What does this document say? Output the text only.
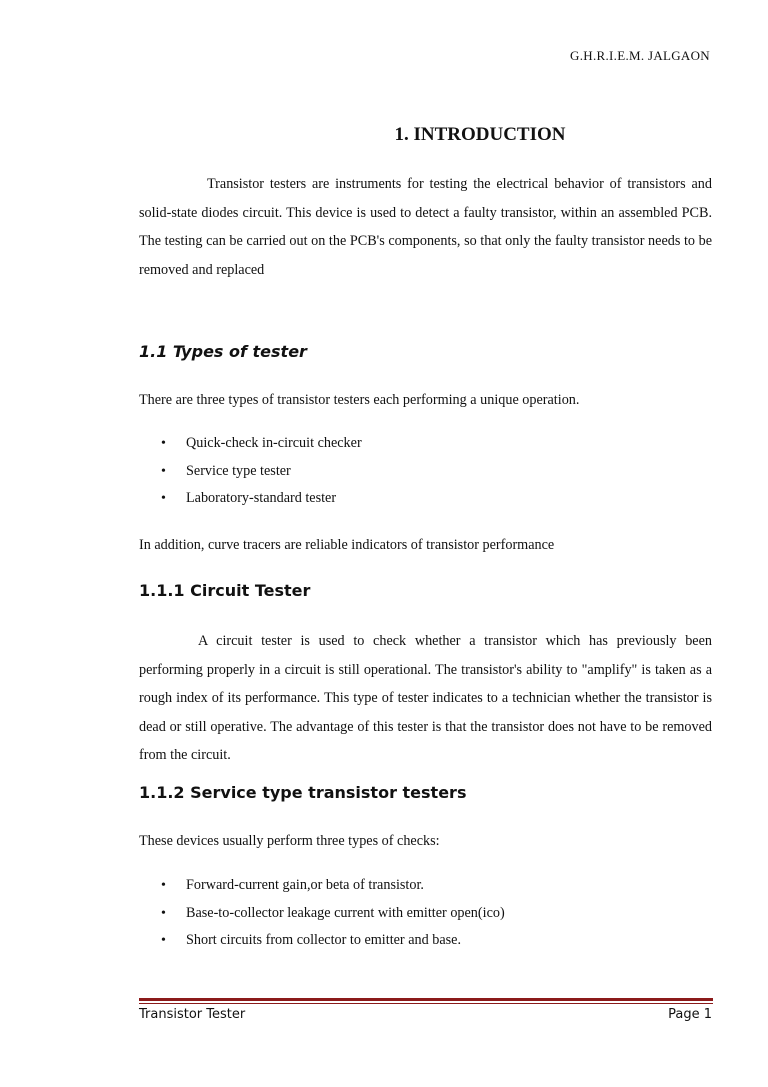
G.H.R.I.E.M. JALGAON
1. INTRODUCTION

Transistor testers are instruments for testing the electrical behavior of transistors and solid-state diodes circuit. This device is used to detect a faulty transistor, within an assembled PCB. The testing can be carried out on the PCB's components, so that only the faulty transistor needs to be removed and replaced

1.1 Types of tester
There are three types of transistor testers each performing a unique operation.
• Quick-check in-circuit checker
• Service type tester
• Laboratory-standard tester
In addition, curve tracers are reliable indicators of transistor performance
1.1.1 Circuit Tester

A circuit tester is used to check whether a transistor which has previously been performing properly in a circuit is still operational. The transistor's ability to "amplify" is taken as a rough index of its performance. This type of tester indicates to a technician whether the transistor is dead or still operative. The advantage of this tester is that the transistor does not have to be removed from the circuit.

1.1.2 Service type transistor testers
These devices usually perform three types of checks:
• Forward-current gain,or beta of transistor.
• Base-to-collector leakage current with emitter open(ico)
• Short circuits from collector to emitter and base.
Transistor Tester	Page 1
